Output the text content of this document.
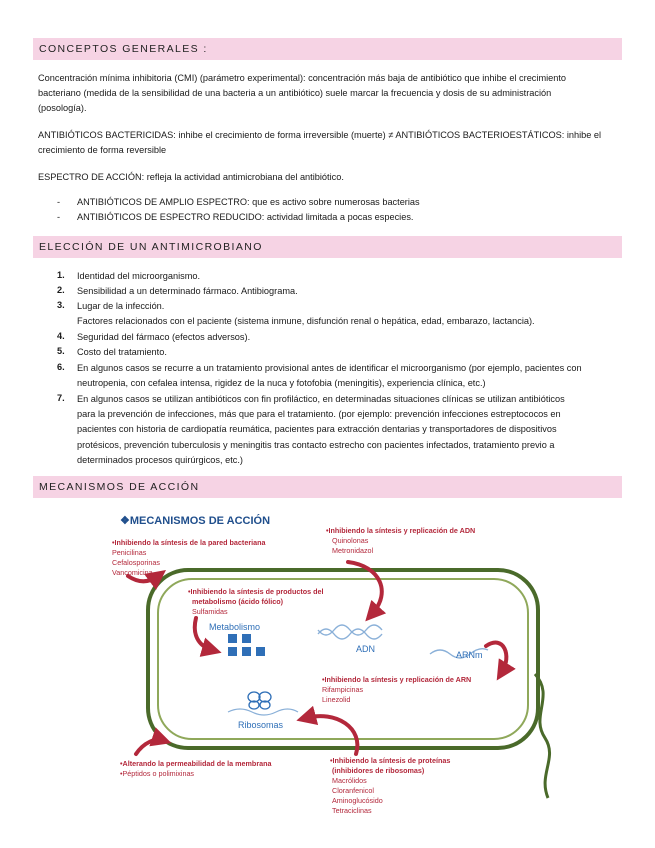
CONCEPTOS GENERALES :
Concentración mínima inhibitoria (CMI) (parámetro experimental): concentración más baja de antibiótico que inhibe el crecimiento
bacteriano (medida de la sensibilidad de una bacteria a un antibiótico) suele marcar la frecuencia y dosis de su administración
(posología).
ANTIBIÓTICOS BACTERICIDAS: inhibe el crecimiento de forma irreversible (muerte) ≠ ANTIBIÓTICOS BACTERIOESTÁTICOS: inhibe el
crecimiento de forma reversible
ESPECTRO DE ACCIÓN: refleja la actividad antimicrobiana del antibiótico.
- ANTIBIÓTICOS DE AMPLIO ESPECTRO: que es activo sobre numerosas bacterias
- ANTIBIÓTICOS DE ESPECTRO REDUCIDO: actividad limitada a pocas especies.
ELECCIÓN DE UN ANTIMICROBIANO
1. Identidad del microorganismo.
2. Sensibilidad a un determinado fármaco. Antibiograma.
3. Lugar de la infección.
Factores relacionados con el paciente (sistema inmune, disfunción renal o hepática, edad, embarazo, lactancia).
4. Seguridad del fármaco (efectos adversos).
5. Costo del tratamiento.
6. En algunos casos se recurre a un tratamiento provisional antes de identificar el microorganismo (por ejemplo, pacientes con
neutropenia, con cefalea intensa, rigidez de la nuca y fotofobia (meningitis), experiencia clínica, etc.)
7. En algunos casos se utilizan antibióticos con fin profiláctico, en determinadas situaciones clínicas se utilizan antibióticos
para la prevención de infecciones, más que para el tratamiento. (por ejemplo: prevención infecciones estreptococos en
pacientes con historia de cardiopatía reumática, pacientes para extracción dentarias y transportadores de dispositivos
protésicos, prevención tuberculosis y meningitis tras contacto estrecho con pacientes infectados, tratamiento previo a
determinados procesos quirúrgicos, etc.)
MECANISMOS DE ACCIÓN
❖MECANISMOS DE ACCIÓN
•Inhibiendo la síntesis de la pared bacteriana
Penicilinas
Cefalosporinas
Vancomicina
•Inhibiendo la síntesis y replicación de ADN
Quinolonas
Metronidazol
•Inhibiendo la síntesis de productos del
metabolismo (ácido fólico)
Sulfamidas
Metabolismo
ADN
ARNm
•Inhibiendo la síntesis y replicación de ARN
Rifampicinas
Linezolid
Ribosomas
•Alterando la permeabilidad de la membrana
•Péptidos o polimixinas
•Inhibiendo la síntesis de proteínas
(inhibidores de ribosomas)
Macrólidos
Cloranfenicol
Aminoglucósido
Tetraciclinas
